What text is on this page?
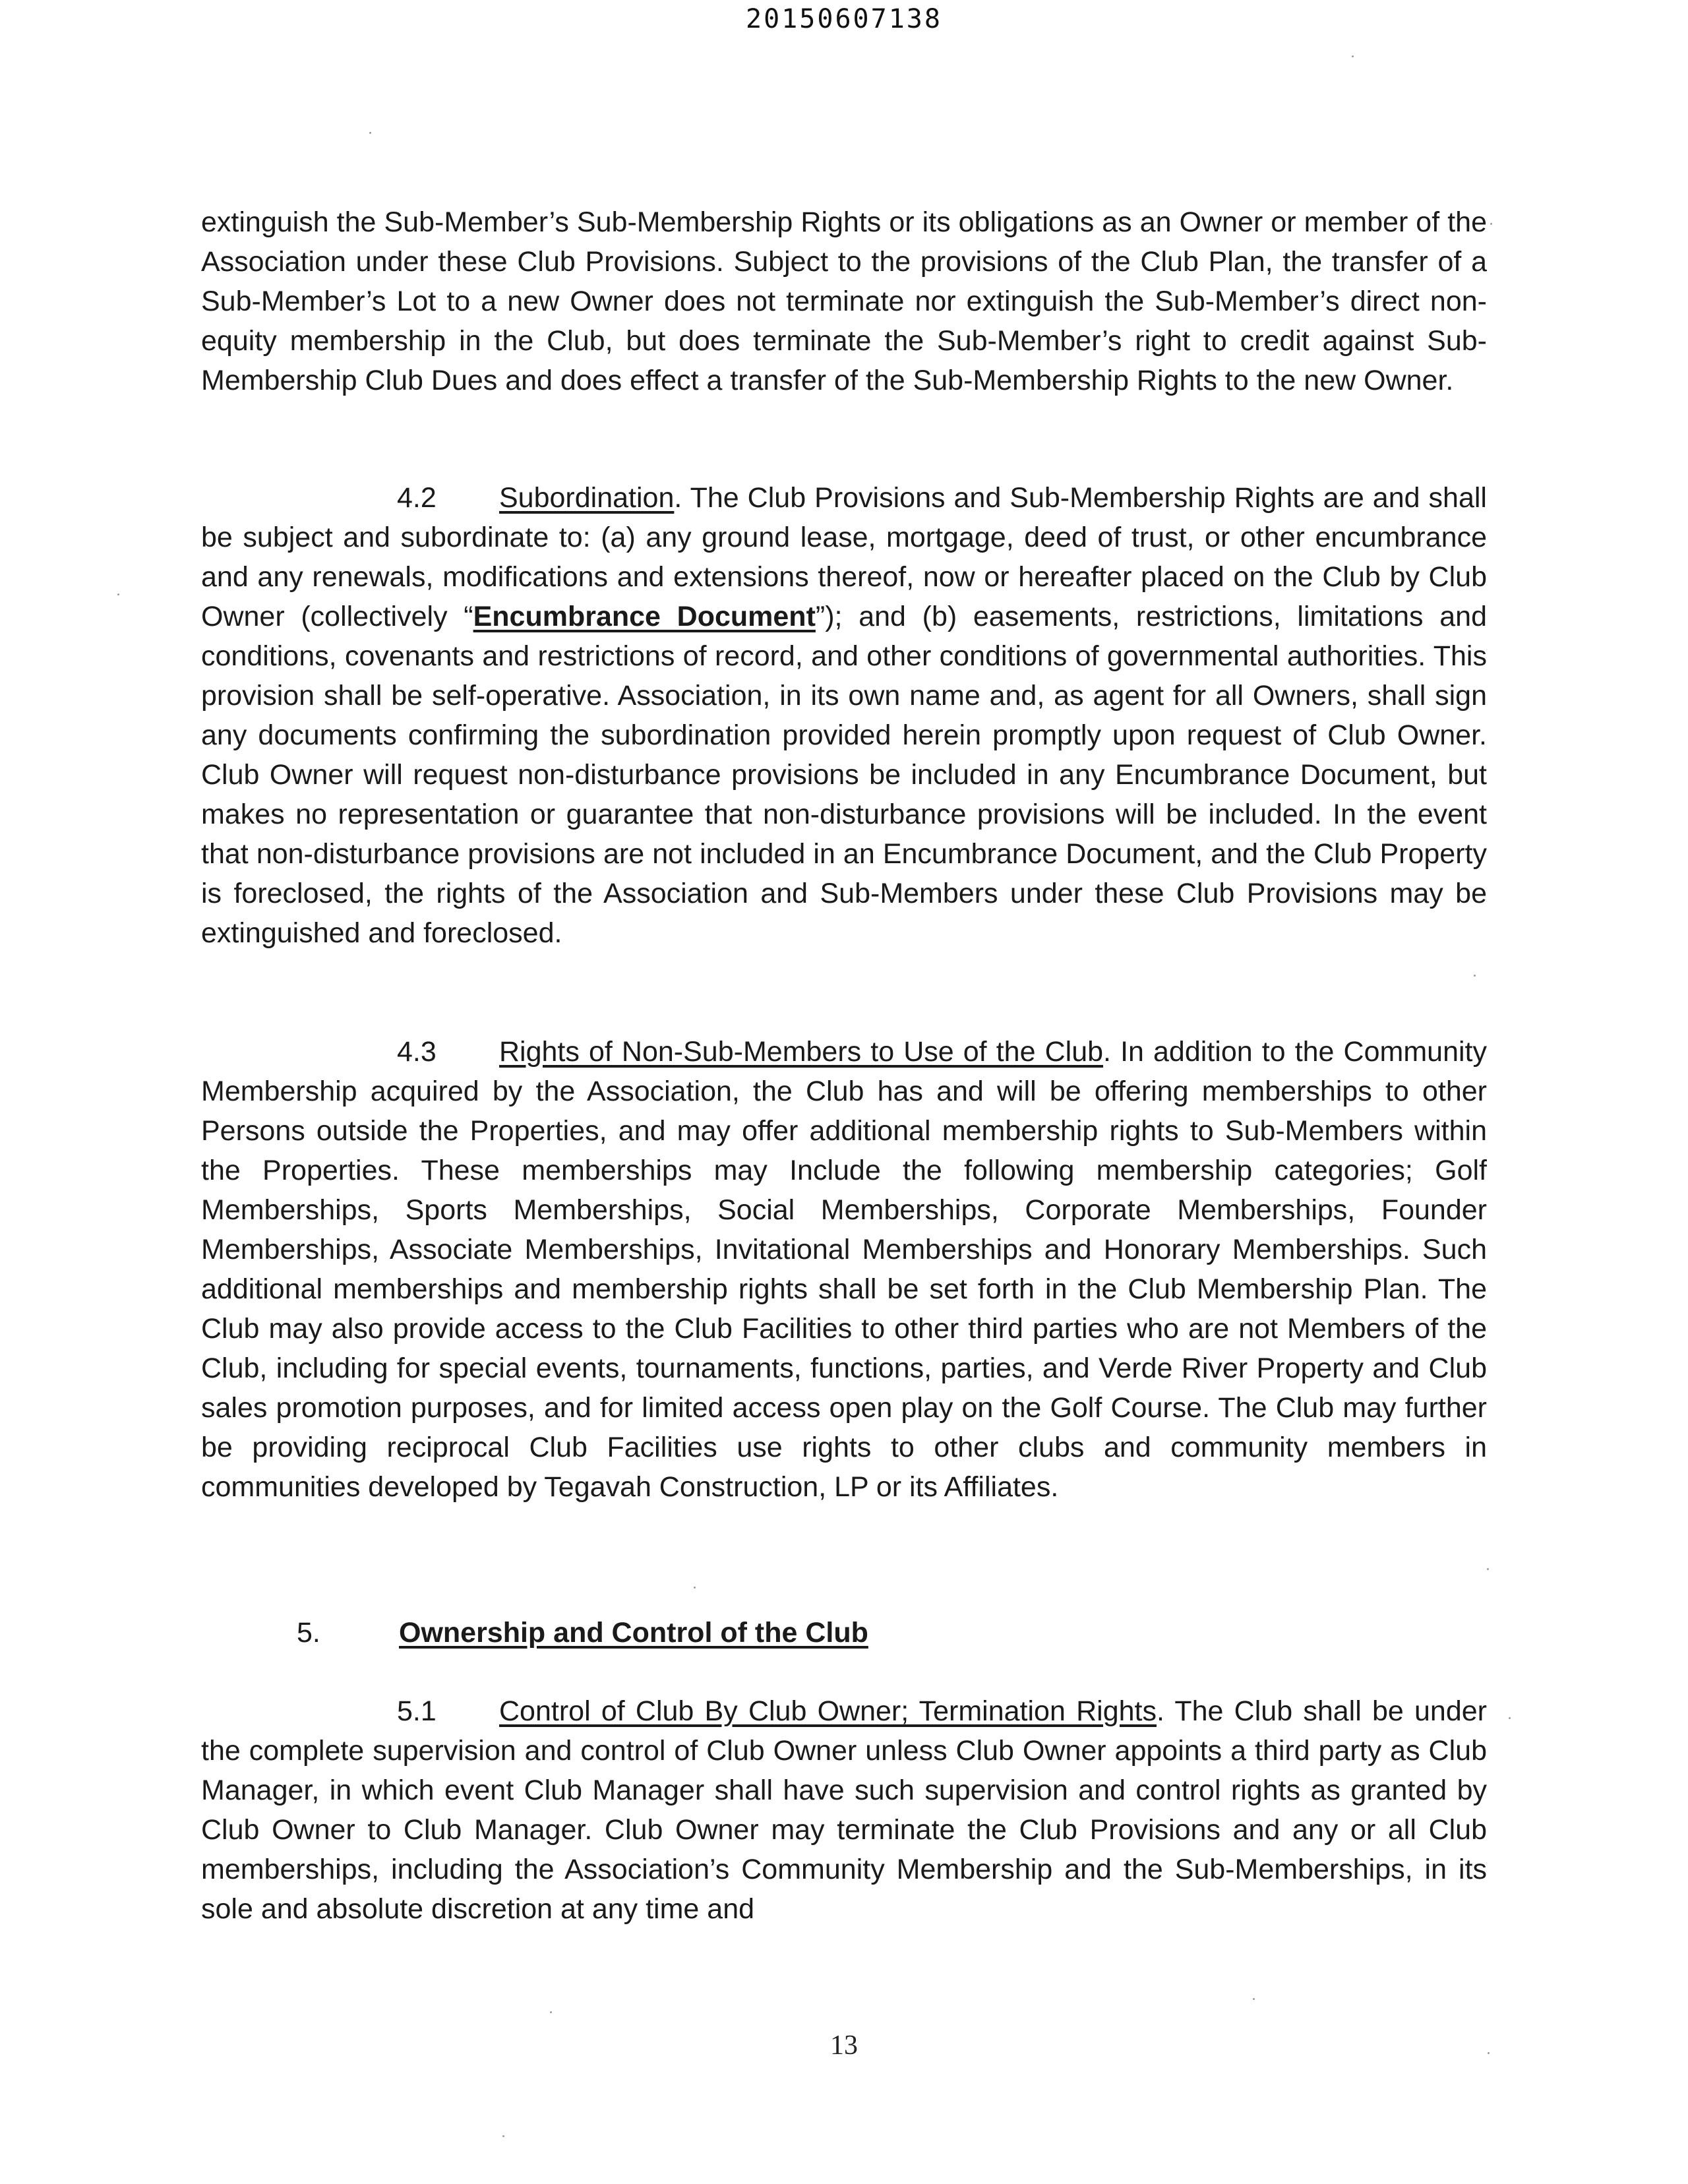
20150607138

extinguish the Sub-Member’s Sub-Membership Rights or its obligations as an Owner or member of the Association under these Club Provisions. Subject to the provisions of the Club Plan, the transfer of a Sub-Member’s Lot to a new Owner does not terminate nor extinguish the Sub-Member’s direct non-equity membership in the Club, but does terminate the Sub-Member’s right to credit against Sub-Membership Club Dues and does effect a transfer of the Sub-Membership Rights to the new Owner.

4.2 Subordination. The Club Provisions and Sub-Membership Rights are and shall be subject and subordinate to: (a) any ground lease, mortgage, deed of trust, or other encumbrance and any renewals, modifications and extensions thereof, now or hereafter placed on the Club by Club Owner (collectively “Encumbrance Document”); and (b) easements, restrictions, limitations and conditions, covenants and restrictions of record, and other conditions of governmental authorities. This provision shall be self-operative. Association, in its own name and, as agent for all Owners, shall sign any documents confirming the subordination provided herein promptly upon request of Club Owner. Club Owner will request non-disturbance provisions be included in any Encumbrance Document, but makes no representation or guarantee that non-disturbance provisions will be included. In the event that non-disturbance provisions are not included in an Encumbrance Document, and the Club Property is foreclosed, the rights of the Association and Sub-Members under these Club Provisions may be extinguished and foreclosed.

4.3 Rights of Non-Sub-Members to Use of the Club. In addition to the Community Membership acquired by the Association, the Club has and will be offering memberships to other Persons outside the Properties, and may offer additional membership rights to Sub-Members within the Properties. These memberships may Include the following membership categories; Golf Memberships, Sports Memberships, Social Memberships, Corporate Memberships, Founder Memberships, Associate Memberships, Invitational Memberships and Honorary Memberships. Such additional memberships and membership rights shall be set forth in the Club Membership Plan. The Club may also provide access to the Club Facilities to other third parties who are not Members of the Club, including for special events, tournaments, functions, parties, and Verde River Property and Club sales promotion purposes, and for limited access open play on the Golf Course. The Club may further be providing reciprocal Club Facilities use rights to other clubs and community members in communities developed by Tegavah Construction, LP or its Affiliates.

5.	Ownership and Control of the Club

5.1 Control of Club By Club Owner; Termination Rights. The Club shall be under the complete supervision and control of Club Owner unless Club Owner appoints a third party as Club Manager, in which event Club Manager shall have such supervision and control rights as granted by Club Owner to Club Manager. Club Owner may terminate the Club Provisions and any or all Club memberships, including the Association’s Community Membership and the Sub-Memberships, in its sole and absolute discretion at any time and

13
